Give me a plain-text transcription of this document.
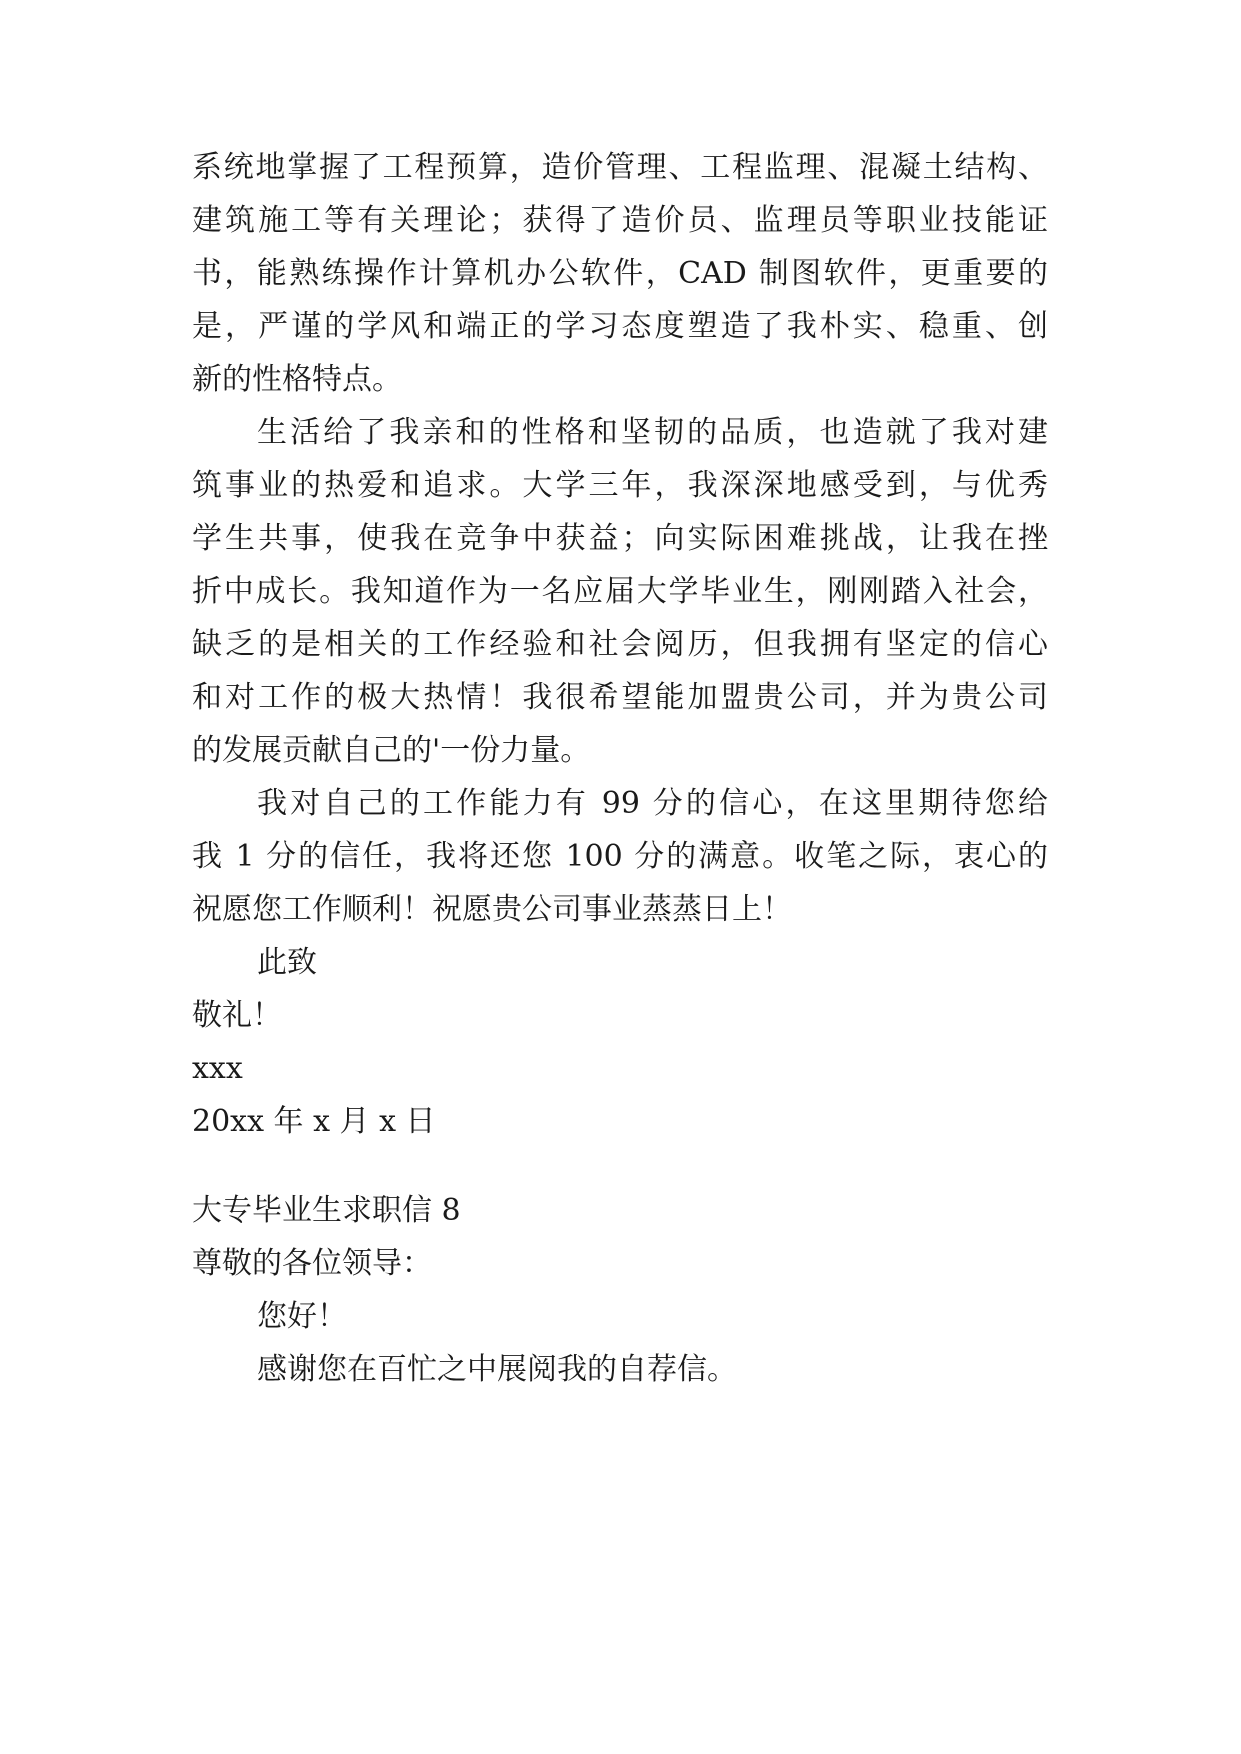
系统地掌握了工程预算，造价管理、工程监理、混凝土结构、
建筑施工等有关理论；获得了造价员、监理员等职业技能证
书，能熟练操作计算机办公软件，CAD 制图软件，更重要的
是，严谨的学风和端正的学习态度塑造了我朴实、稳重、创
新的性格特点。
生活给了我亲和的性格和坚韧的品质，也造就了我对建
筑事业的热爱和追求。大学三年，我深深地感受到，与优秀
学生共事，使我在竞争中获益；向实际困难挑战，让我在挫
折中成长。我知道作为一名应届大学毕业生，刚刚踏入社会，
缺乏的是相关的工作经验和社会阅历，但我拥有坚定的信心
和对工作的极大热情！我很希望能加盟贵公司，并为贵公司
的发展贡献自己的'一份力量。
我对自己的工作能力有 99 分的信心，在这里期待您给
我 1 分的信任，我将还您 100 分的满意。收笔之际，衷心的
祝愿您工作顺利！祝愿贵公司事业蒸蒸日上！
此致
敬礼！
xxx
20xx 年 x 月 x 日
大专毕业生求职信 8
尊敬的各位领导：
您好！
感谢您在百忙之中展阅我的自荐信。
